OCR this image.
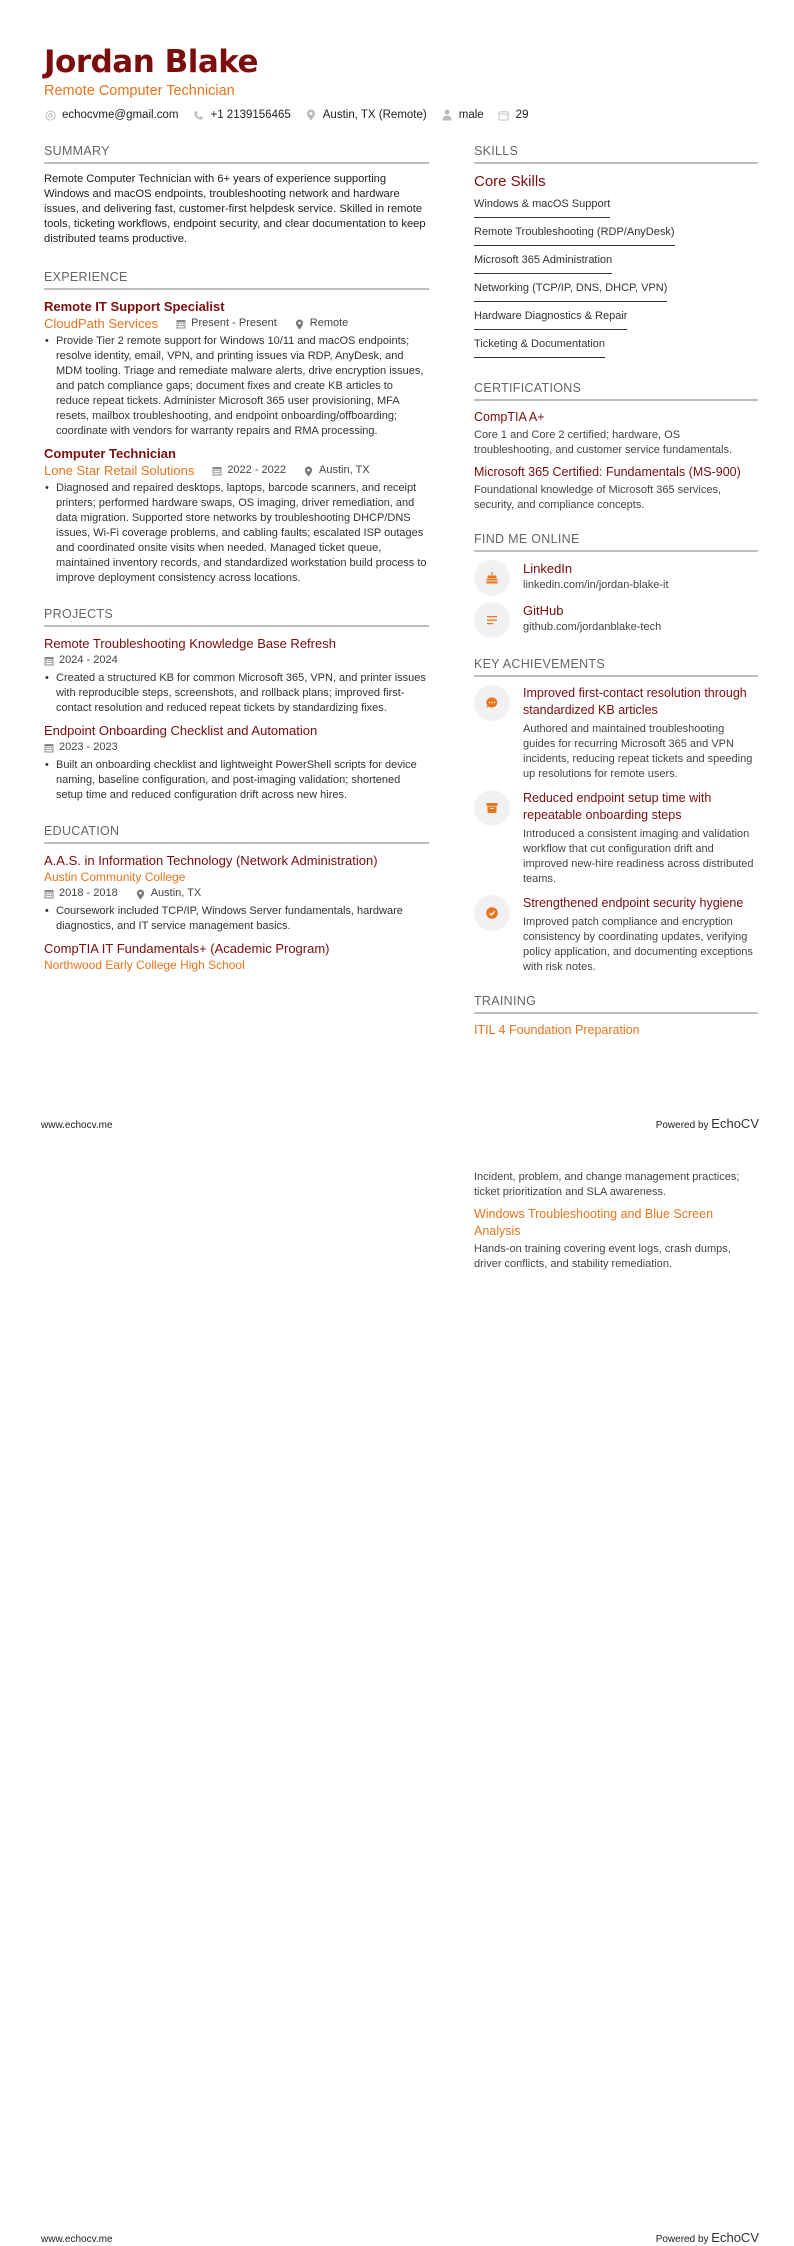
Jordan Blake
Remote Computer Technician
echocvme@gmail.com	+1 2139156465	Austin, TX (Remote)	male	29
SUMMARY

Remote Computer Technician with 6+ years of experience supporting Windows and macOS endpoints, troubleshooting network and hardware issues, and delivering fast, customer-first helpdesk service. Skilled in remote tools, ticketing workflows, endpoint security, and clear documentation to keep distributed teams productive.

EXPERIENCE
Remote IT Support Specialist
CloudPath Services	Present - Present	Remote
• Provide Tier 2 remote support for Windows 10/11 and macOS endpoints; resolve identity, email, VPN, and printing issues via RDP, AnyDesk, and MDM tooling. Triage and remediate malware alerts, drive encryption issues, and patch compliance gaps; document fixes and create KB articles to reduce repeat tickets. Administer Microsoft 365 user provisioning, MFA resets, mailbox troubleshooting, and endpoint onboarding/offboarding; coordinate with vendors for warranty repairs and RMA processing.
Computer Technician
Lone Star Retail Solutions	2022 - 2022	Austin, TX
• Diagnosed and repaired desktops, laptops, barcode scanners, and receipt printers; performed hardware swaps, OS imaging, driver remediation, and data migration. Supported store networks by troubleshooting DHCP/DNS issues, Wi-Fi coverage problems, and cabling faults; escalated ISP outages and coordinated onsite visits when needed. Managed ticket queue, maintained inventory records, and standardized workstation build process to improve deployment consistency across locations.
PROJECTS
Remote Troubleshooting Knowledge Base Refresh
2024 - 2024
• Created a structured KB for common Microsoft 365, VPN, and printer issues with reproducible steps, screenshots, and rollback plans; improved first-contact resolution and reduced repeat tickets by standardizing fixes.
Endpoint Onboarding Checklist and Automation
2023 - 2023
• Built an onboarding checklist and lightweight PowerShell scripts for device naming, baseline configuration, and post-imaging validation; shortened setup time and reduced configuration drift across new hires.
EDUCATION
A.A.S. in Information Technology (Network Administration)
Austin Community College
2018 - 2018	Austin, TX
• Coursework included TCP/IP, Windows Server fundamentals, hardware diagnostics, and IT service management basics.
CompTIA IT Fundamentals+ (Academic Program)
Northwood Early College High School
SKILLS
Core Skills
Windows & macOS Support
Remote Troubleshooting (RDP/AnyDesk)
Microsoft 365 Administration
Networking (TCP/IP, DNS, DHCP, VPN)
Hardware Diagnostics & Repair
Ticketing & Documentation
CERTIFICATIONS
CompTIA A+
Core 1 and Core 2 certified; hardware, OS troubleshooting, and customer service fundamentals.
Microsoft 365 Certified: Fundamentals (MS-900)
Foundational knowledge of Microsoft 365 services, security, and compliance concepts.
FIND ME ONLINE
LinkedIn
linkedin.com/in/jordan-blake-it
GitHub
github.com/jordanblake-tech
KEY ACHIEVEMENTS
Improved first-contact resolution through standardized KB articles
Authored and maintained troubleshooting guides for recurring Microsoft 365 and VPN incidents, reducing repeat tickets and speeding up resolutions for remote users.
Reduced endpoint setup time with repeatable onboarding steps
Introduced a consistent imaging and validation workflow that cut configuration drift and improved new-hire readiness across distributed teams.
Strengthened endpoint security hygiene
Improved patch compliance and encryption consistency by coordinating updates, verifying policy application, and documenting exceptions with risk notes.
TRAINING
ITIL 4 Foundation Preparation
www.echocv.me	Powered by EchoCV
Incident, problem, and change management practices; ticket prioritization and SLA awareness.
Windows Troubleshooting and Blue Screen Analysis
Hands-on training covering event logs, crash dumps, driver conflicts, and stability remediation.
www.echocv.me	Powered by EchoCV
